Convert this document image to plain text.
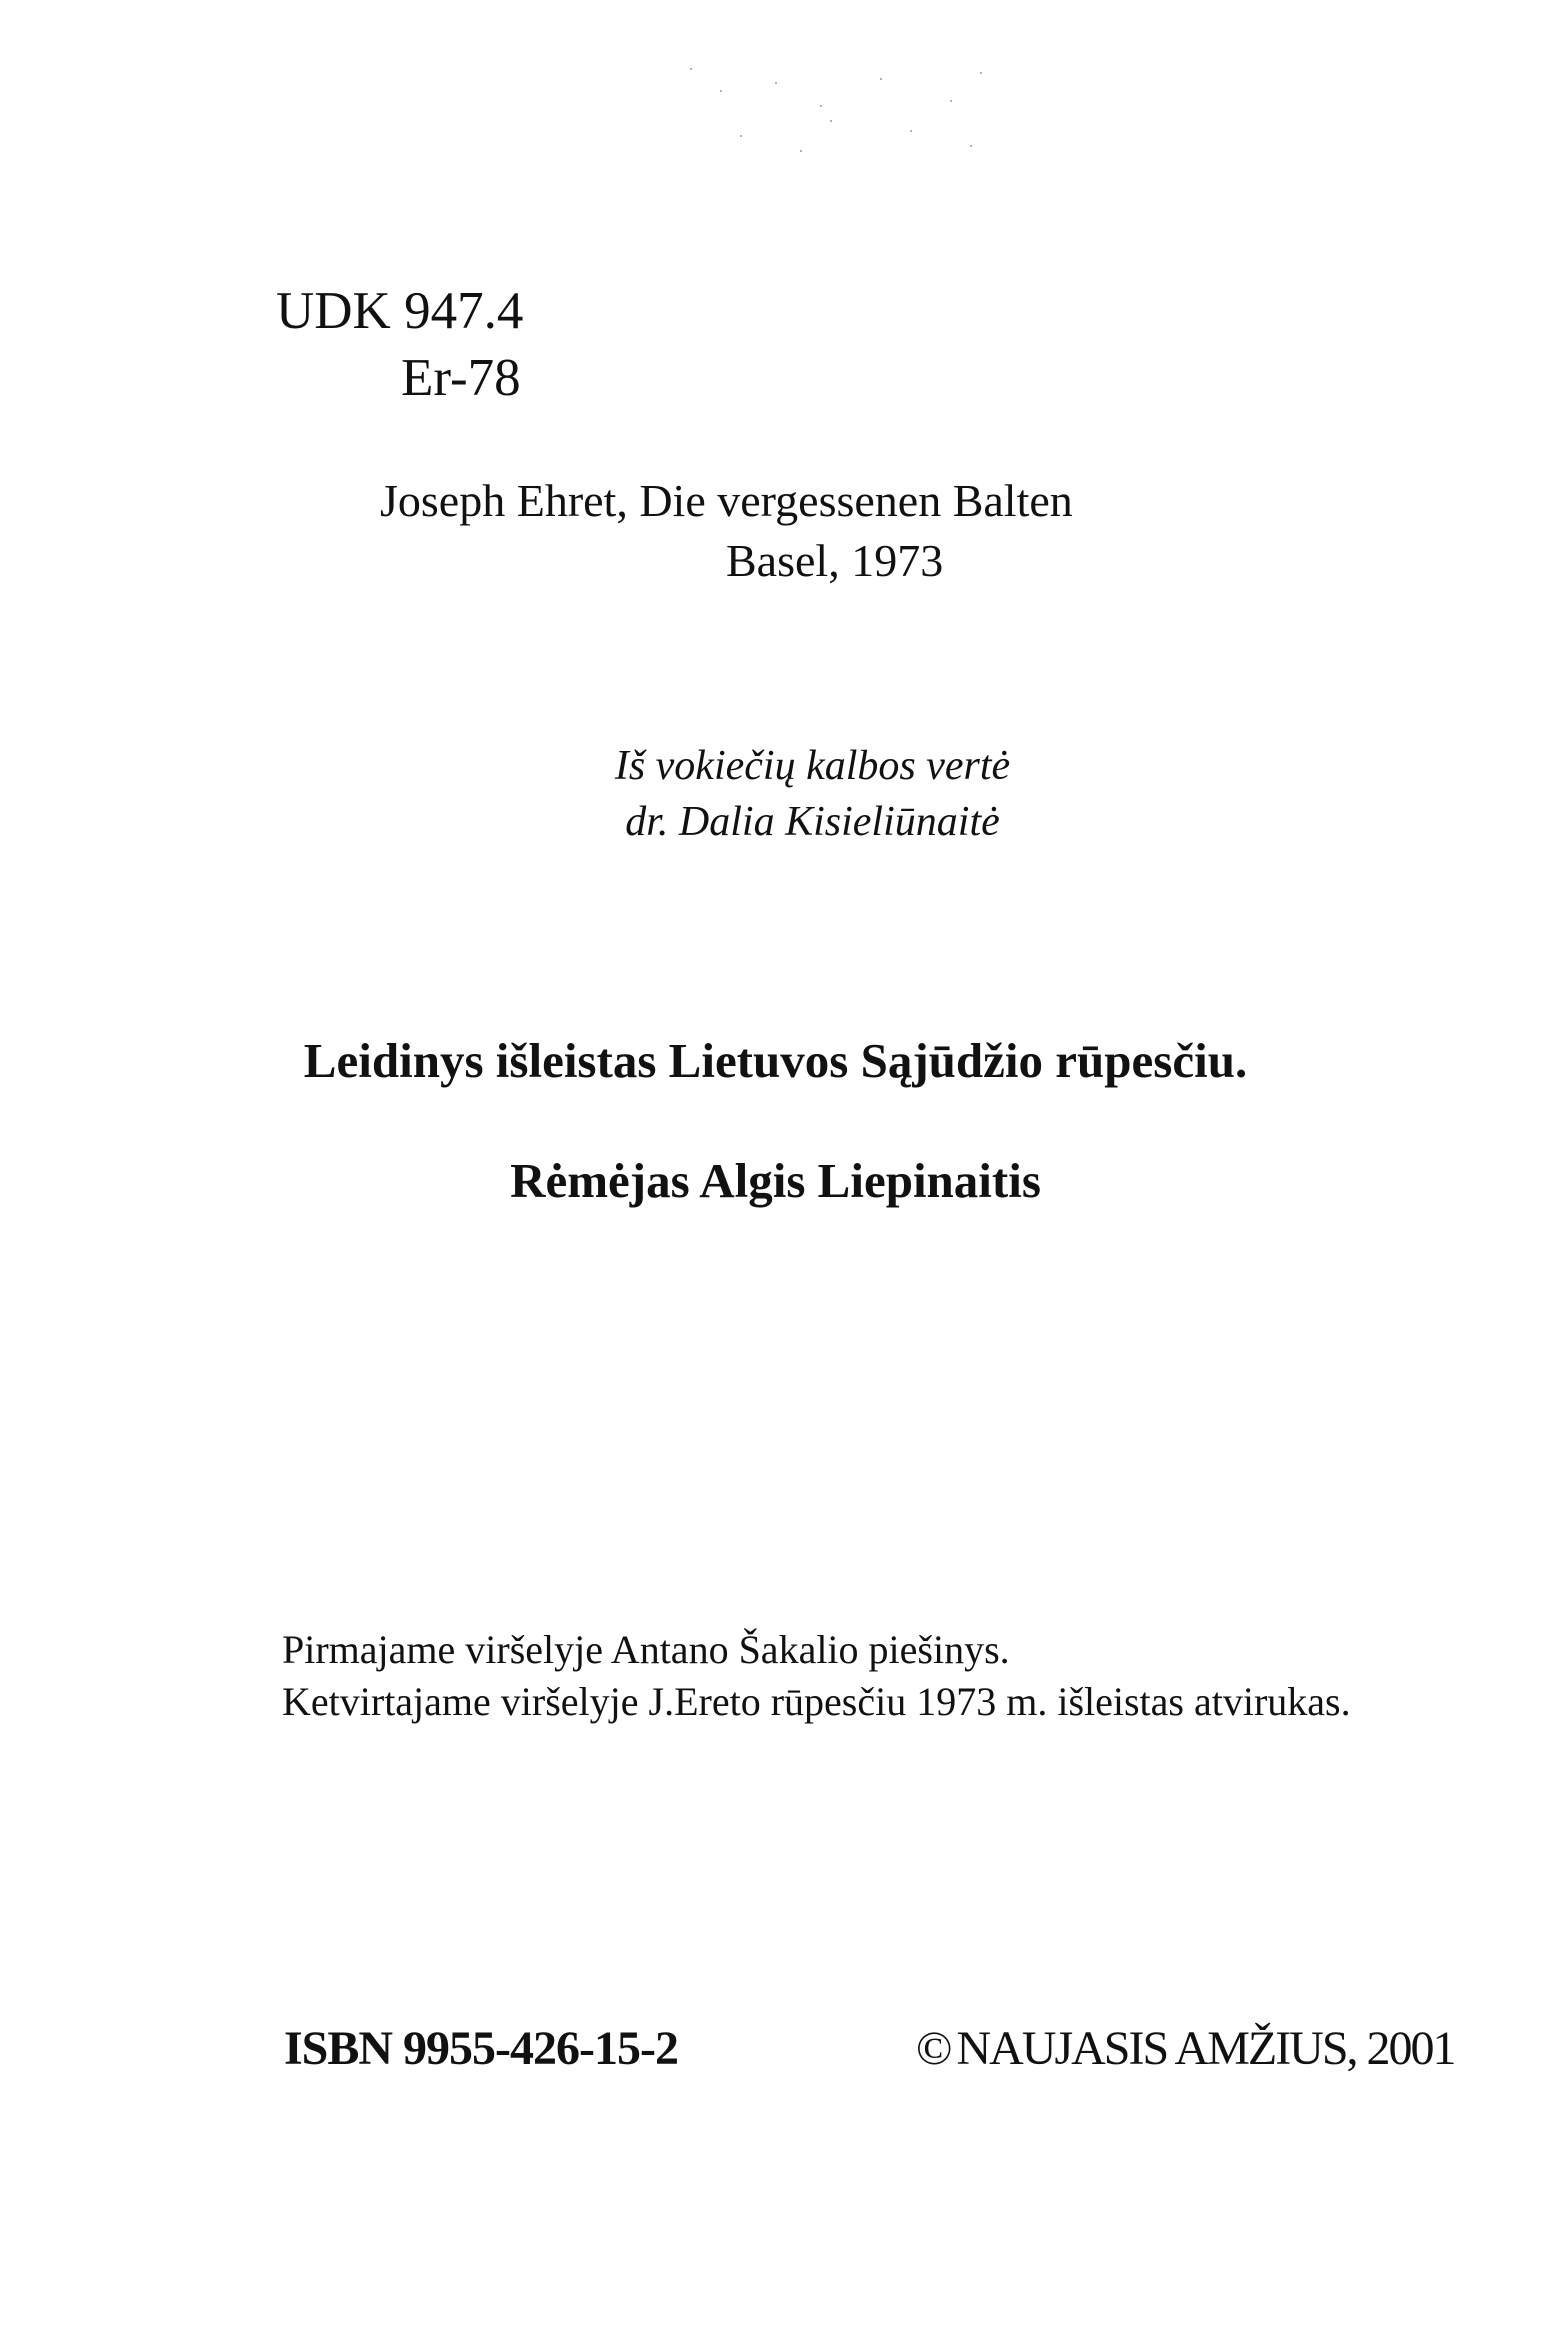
UDK 947.4
Er-78
Joseph Ehret, Die vergessenen Balten
Basel, 1973
Iš vokiečių kalbos vertė
dr. Dalia Kisieliūnaitė
Leidinys išleistas Lietuvos Sąjūdžio rūpesčiu.
Rėmėjas Algis Liepinaitis
Pirmajame viršelyje Antano Šakalio piešinys.
Ketvirtajame viršelyje J.Ereto rūpesčiu 1973 m. išleistas atvirukas.
ISBN 9955-426-15-2	© NAUJASIS AMŽIUS, 2001
